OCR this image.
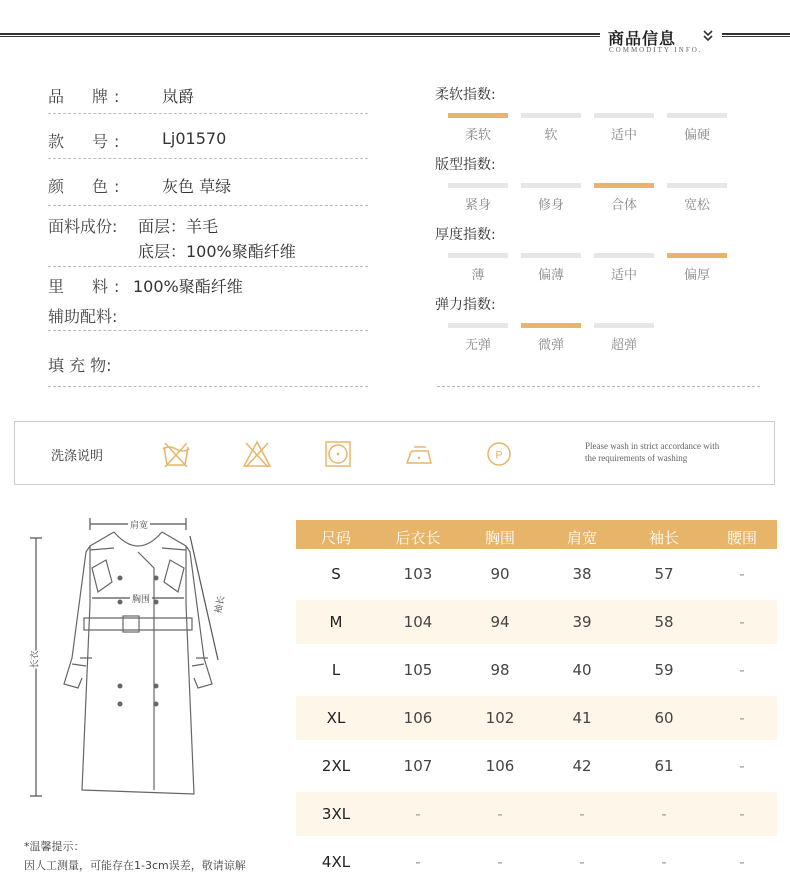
商品信息
COMMODITY INFO.
品　牌: 岚爵
款　号: Lj01570
颜　色: 灰色 草绿
面料成份: 面层：羊毛
底层：100%聚酯纤维
里　料: 100%聚酯纤维
辅助配料:
填 充 物:
柔软指数:
柔软	软	适中	偏硬
版型指数:
紧身	修身	合体	宽松
厚度指数:
薄	偏薄	适中	偏厚
弹力指数:
无弹	微弹	超弹
洗涤说明	P
Please wash in strict accordance with
the requirements of washing
肩宽
胸围	袖长
长衣
尺码	后衣长	胸围	肩宽	袖长	腰围
S	103	90	38	57	-
M	104	94	39	58	-
L	105	98	40	59	-
XL	106	102	41	60	-
2XL	107	106	42	61	-
3XL	-	-	-	-	-
4XL	-	-	-	-	-
*温馨提示：
因人工测量，可能存在1-3cm误差，敬请谅解
